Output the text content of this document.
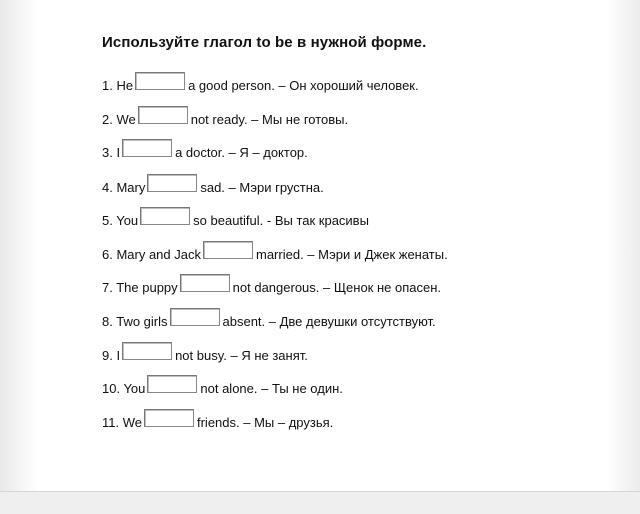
Используйте глагол to be в нужной форме.
1. He	a good person. – Он хороший человек.
2. We	not ready. – Мы не готовы.
3. I	a doctor. – Я – доктор.
4. Mary	sad. – Мэри грустна.
5. You	so beautiful. - Вы так красивы
6. Mary and Jack	married. – Мэри и Джек женаты.
7. The puppy	not dangerous. – Щенок не опасен.
8. Two girls	absent. – Две девушки отсутствуют.
9. I	not busy. – Я не занят.
10. You	not alone. – Ты не один.
11. We	friends. – Мы – друзья.
